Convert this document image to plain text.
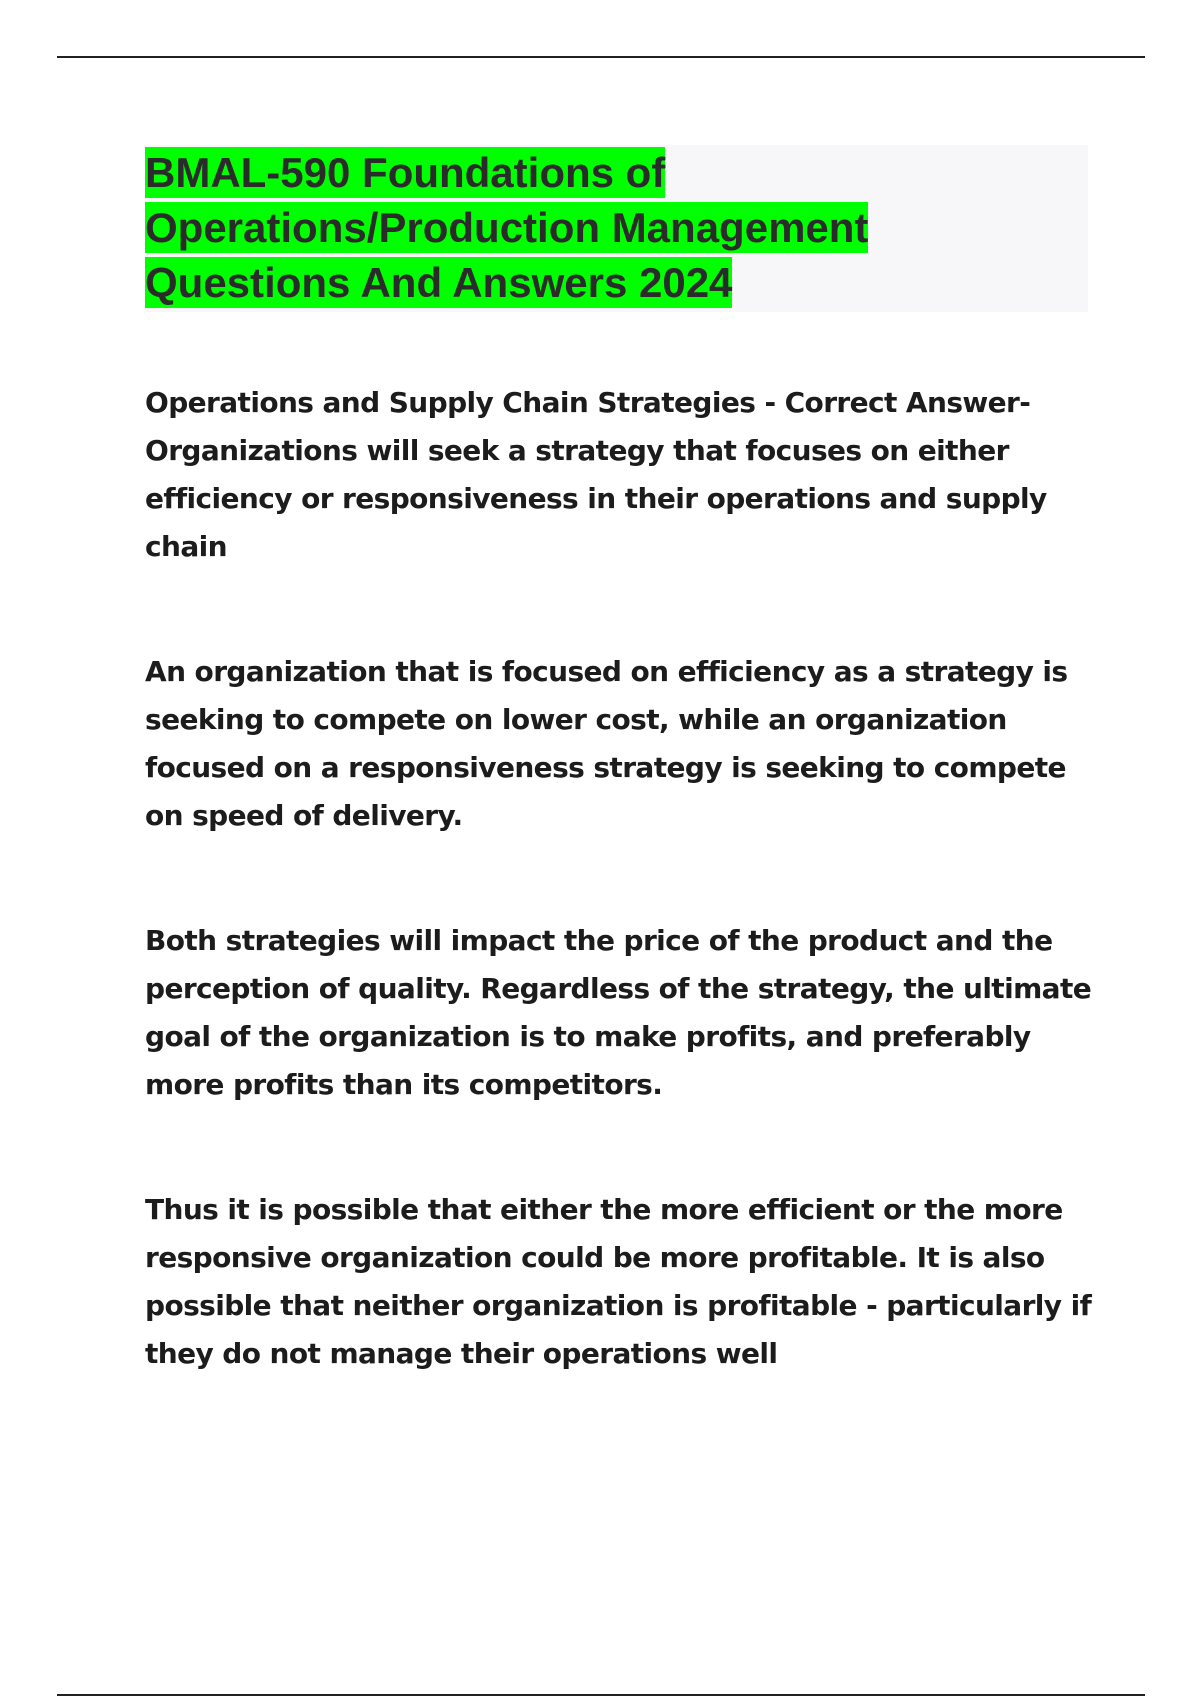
BMAL-590 Foundations of Operations/Production Management Questions And Answers 2024

Operations and Supply Chain Strategies - Correct Answer-Organizations will seek a strategy that focuses on either efficiency or responsiveness in their operations and supply chain

An organization that is focused on efficiency as a strategy is seeking to compete on lower cost, while an organization focused on a responsiveness strategy is seeking to compete on speed of delivery.

Both strategies will impact the price of the product and the perception of quality. Regardless of the strategy, the ultimate goal of the organization is to make profits, and preferably more profits than its competitors.

Thus it is possible that either the more efficient or the more responsive organization could be more profitable. It is also possible that neither organization is profitable - particularly if they do not manage their operations well
